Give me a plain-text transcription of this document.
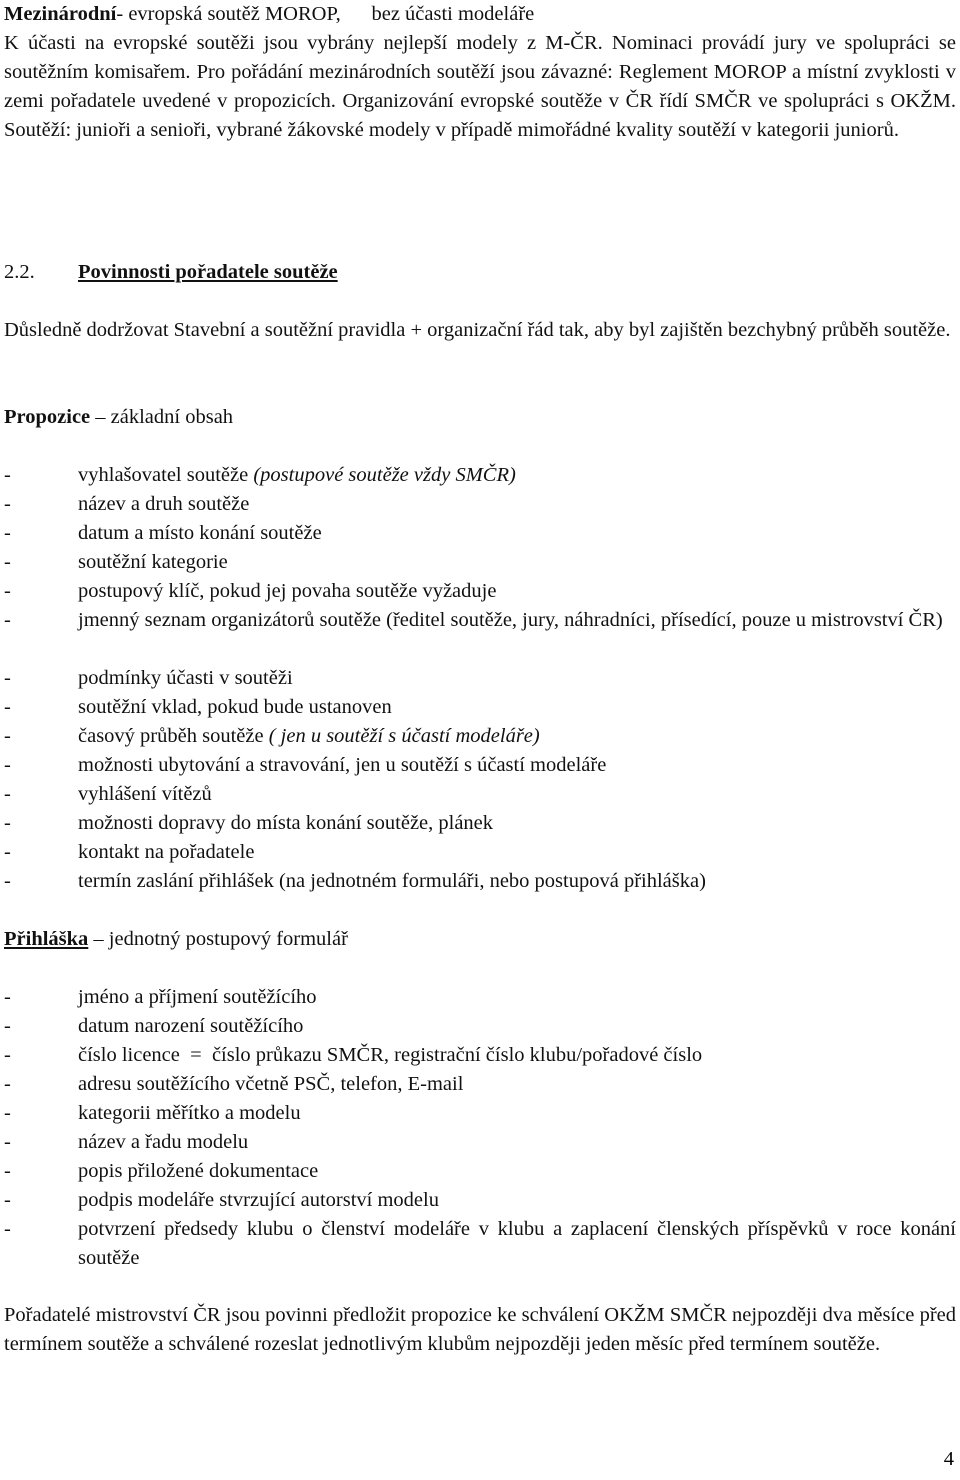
Mezinárodní- evropská soutěž MOROP,      bez účasti modeláře
K účasti na evropské soutěži jsou vybrány nejlepší modely z M-ČR. Nominaci provádí jury ve spolupráci se soutěžním komisařem. Pro pořádání mezinárodních soutěží jsou závazné: Reglement MOROP a místní zvyklosti v zemi pořadatele uvedené v propozicích. Organizování evropské soutěže v ČR řídí SMČR ve spolupráci s OKŽM. Soutěží: junioři a senioři, vybrané žákovské modely v případě mimořádné kvality soutěží v kategorii juniorů.
2.2. Povinnosti pořadatele soutěže
Důsledně dodržovat Stavební a soutěžní pravidla + organizační řád tak, aby byl zajištěn bezchybný průběh soutěže.
Propozice – základní obsah
-	vyhlašovatel soutěže (postupové soutěže vždy SMČR)
-	název a druh soutěže
-	datum a místo konání soutěže
-	soutěžní kategorie
-	postupový klíč, pokud jej povaha soutěže vyžaduje
-	jmenný seznam organizátorů soutěže (ředitel soutěže, jury, náhradníci, přísedící, pouze u mistrovství ČR)
-	podmínky účasti v soutěži
-	soutěžní vklad, pokud bude ustanoven
-	časový průběh soutěže ( jen u soutěží s účastí modeláře)
-	možnosti ubytování a stravování, jen u soutěží s účastí modeláře
-	vyhlášení vítězů
-	možnosti dopravy do místa konání soutěže, plánek
-	kontakt na pořadatele
-	termín zaslání přihlášek (na jednotném formuláři, nebo postupová přihláška)
Přihláška – jednotný postupový formulář
-	jméno a příjmení soutěžícího
-	datum narození soutěžícího
-	číslo licence  =  číslo průkazu SMČR, registrační číslo klubu/pořadové číslo
-	adresu soutěžícího včetně PSČ, telefon, E-mail
-	kategorii měřítko a modelu
-	název a řadu modelu
-	popis přiložené dokumentace
-	podpis modeláře stvrzující autorství modelu
-	potvrzení předsedy klubu o členství modeláře v klubu a zaplacení členských příspěvků v roce konání soutěže
Pořadatelé mistrovství ČR jsou povinni předložit propozice ke schválení OKŽM SMČR nejpozději dva měsíce před termínem soutěže a schválené rozeslat jednotlivým klubům nejpozději jeden měsíc před termínem soutěže.
4
